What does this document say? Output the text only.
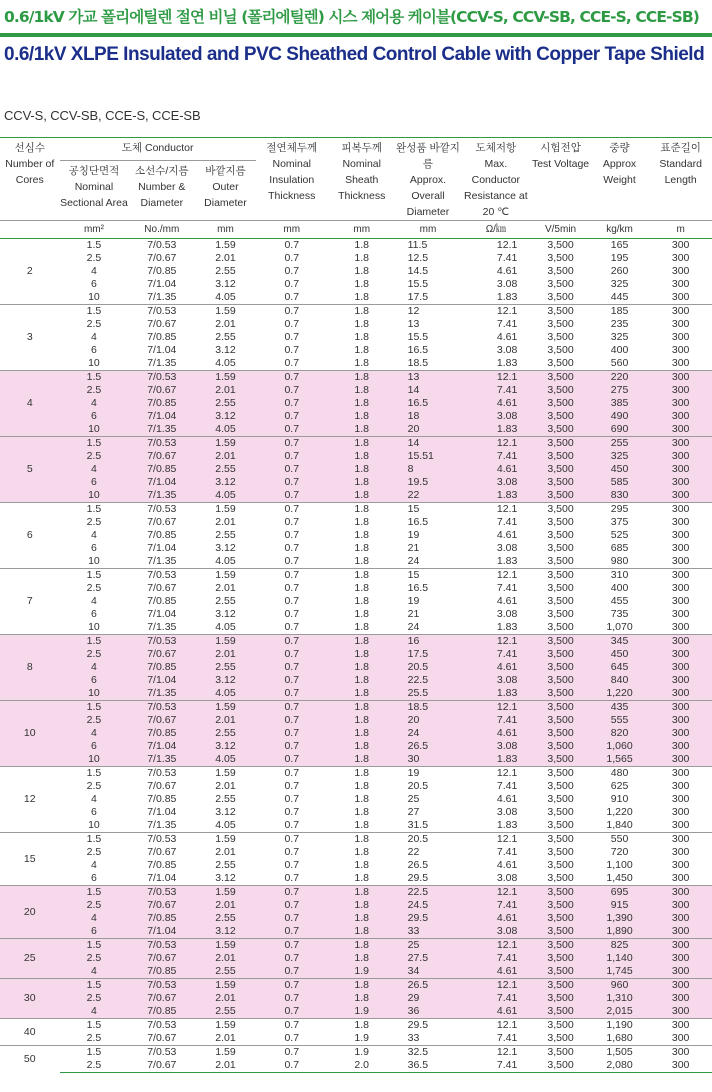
0.6/1kV 가교 폴리에틸렌 절연 비닐 (폴리에틸렌) 시스 제어용 케이블(CCV-S, CCV-SB, CCE-S, CCE-SB)
0.6/1kV XLPE Insulated and PVC Sheathed Control Cable with Copper Tape Shield
CCV-S, CCV-SB, CCE-S, CCE-SB
선심수
Number of Cores	도체 Conductor			절연체두께
Nominal Insulation Thickness	피복두께
Nominal Sheath Thickness	완성품 바깥지름
Approx. Overall Diameter	도체저항
Max. Conductor Resistance at 20 ℃	시험전압
Test Voltage	중량
Approx Weight	표준길이
Standard Length

	공칭단면적
Nominal Sectional Area	소선수/지름
Number & Diameter	바깥지름
Outer Diameter							
	mm²	No./mm	mm	mm	mm	mm	Ω/㎞	V/5min	kg/km	m
2	1.5	7/0.53	1.59	0.7	1.8	11.5	12.1	3,500	165	300
	2.5	7/0.67	2.01	0.7	1.8	12.5	7.41	3,500	195	300
	4	7/0.85	2.55	0.7	1.8	14.5	4.61	3,500	260	300
	6	7/1.04	3.12	0.7	1.8	15.5	3.08	3,500	325	300
	10	7/1.35	4.05	0.7	1.8	17.5	1.83	3,500	445	300
3	1.5	7/0.53	1.59	0.7	1.8	12	12.1	3,500	185	300
	2.5	7/0.67	2.01	0.7	1.8	13	7.41	3,500	235	300
	4	7/0.85	2.55	0.7	1.8	15.5	4.61	3,500	325	300
	6	7/1.04	3.12	0.7	1.8	16.5	3.08	3,500	400	300
	10	7/1.35	4.05	0.7	1.8	18.5	1.83	3,500	560	300
4	1.5	7/0.53	1.59	0.7	1.8	13	12.1	3,500	220	300
	2.5	7/0.67	2.01	0.7	1.8	14	7.41	3,500	275	300
	4	7/0.85	2.55	0.7	1.8	16.5	4.61	3,500	385	300
	6	7/1.04	3.12	0.7	1.8	18	3.08	3,500	490	300
	10	7/1.35	4.05	0.7	1.8	20	1.83	3,500	690	300
5	1.5	7/0.53	1.59	0.7	1.8	14	12.1	3,500	255	300
	2.5	7/0.67	2.01	0.7	1.8	15.51	7.41	3,500	325	300
	4	7/0.85	2.55	0.7	1.8	8	4.61	3,500	450	300
	6	7/1.04	3.12	0.7	1.8	19.5	3.08	3,500	585	300
	10	7/1.35	4.05	0.7	1.8	22	1.83	3,500	830	300
6	1.5	7/0.53	1.59	0.7	1.8	15	12.1	3,500	295	300
	2.5	7/0.67	2.01	0.7	1.8	16.5	7.41	3,500	375	300
	4	7/0.85	2.55	0.7	1.8	19	4.61	3,500	525	300
	6	7/1.04	3.12	0.7	1.8	21	3.08	3,500	685	300
	10	7/1.35	4.05	0.7	1.8	24	1.83	3,500	980	300
7	1.5	7/0.53	1.59	0.7	1.8	15	12.1	3,500	310	300
	2.5	7/0.67	2.01	0.7	1.8	16.5	7.41	3,500	400	300
	4	7/0.85	2.55	0.7	1.8	19	4.61	3,500	455	300
	6	7/1.04	3.12	0.7	1.8	21	3.08	3,500	735	300
	10	7/1.35	4.05	0.7	1.8	24	1.83	3,500	1,070	300
8	1.5	7/0.53	1.59	0.7	1.8	16	12.1	3,500	345	300
	2.5	7/0.67	2.01	0.7	1.8	17.5	7.41	3,500	450	300
	4	7/0.85	2.55	0.7	1.8	20.5	4.61	3,500	645	300
	6	7/1.04	3.12	0.7	1.8	22.5	3.08	3,500	840	300
	10	7/1.35	4.05	0.7	1.8	25.5	1.83	3,500	1,220	300
10	1.5	7/0.53	1.59	0.7	1.8	18.5	12.1	3,500	435	300
	2.5	7/0.67	2.01	0.7	1.8	20	7.41	3,500	555	300
	4	7/0.85	2.55	0.7	1.8	24	4.61	3,500	820	300
	6	7/1.04	3.12	0.7	1.8	26.5	3.08	3,500	1,060	300
	10	7/1.35	4.05	0.7	1.8	30	1.83	3,500	1,565	300
12	1.5	7/0.53	1.59	0.7	1.8	19	12.1	3,500	480	300
	2.5	7/0.67	2.01	0.7	1.8	20.5	7.41	3,500	625	300
	4	7/0.85	2.55	0.7	1.8	25	4.61	3,500	910	300
	6	7/1.04	3.12	0.7	1.8	27	3.08	3,500	1,220	300
	10	7/1.35	4.05	0.7	1.8	31.5	1.83	3,500	1,840	300
15	1.5	7/0.53	1.59	0.7	1.8	20.5	12.1	3,500	550	300
	2.5	7/0.67	2.01	0.7	1.8	22	7.41	3,500	720	300
	4	7/0.85	2.55	0.7	1.8	26.5	4.61	3,500	1,100	300
	6	7/1.04	3.12	0.7	1.8	29.5	3.08	3,500	1,450	300
20	1.5	7/0.53	1.59	0.7	1.8	22.5	12.1	3,500	695	300
	2.5	7/0.67	2.01	0.7	1.8	24.5	7.41	3,500	915	300
	4	7/0.85	2.55	0.7	1.8	29.5	4.61	3,500	1,390	300
	6	7/1.04	3.12	0.7	1.8	33	3.08	3,500	1,890	300
25	1.5	7/0.53	1.59	0.7	1.8	25	12.1	3,500	825	300
	2.5	7/0.67	2.01	0.7	1.8	27.5	7.41	3,500	1,140	300
	4	7/0.85	2.55	0.7	1.9	34	4.61	3,500	1,745	300
30	1.5	7/0.53	1.59	0.7	1.8	26.5	12.1	3,500	960	300
	2.5	7/0.67	2.01	0.7	1.8	29	7.41	3,500	1,310	300
	4	7/0.85	2.55	0.7	1.9	36	4.61	3,500	2,015	300
40	1.5	7/0.53	1.59	0.7	1.8	29.5	12.1	3,500	1,190	300
	2.5	7/0.67	2.01	0.7	1.9	33	7.41	3,500	1,680	300
50	1.5	7/0.53	1.59	0.7	1.9	32.5	12.1	3,500	1,505	300
	2.5	7/0.67	2.01	0.7	2.0	36.5	7.41	3,500	2,080	300
